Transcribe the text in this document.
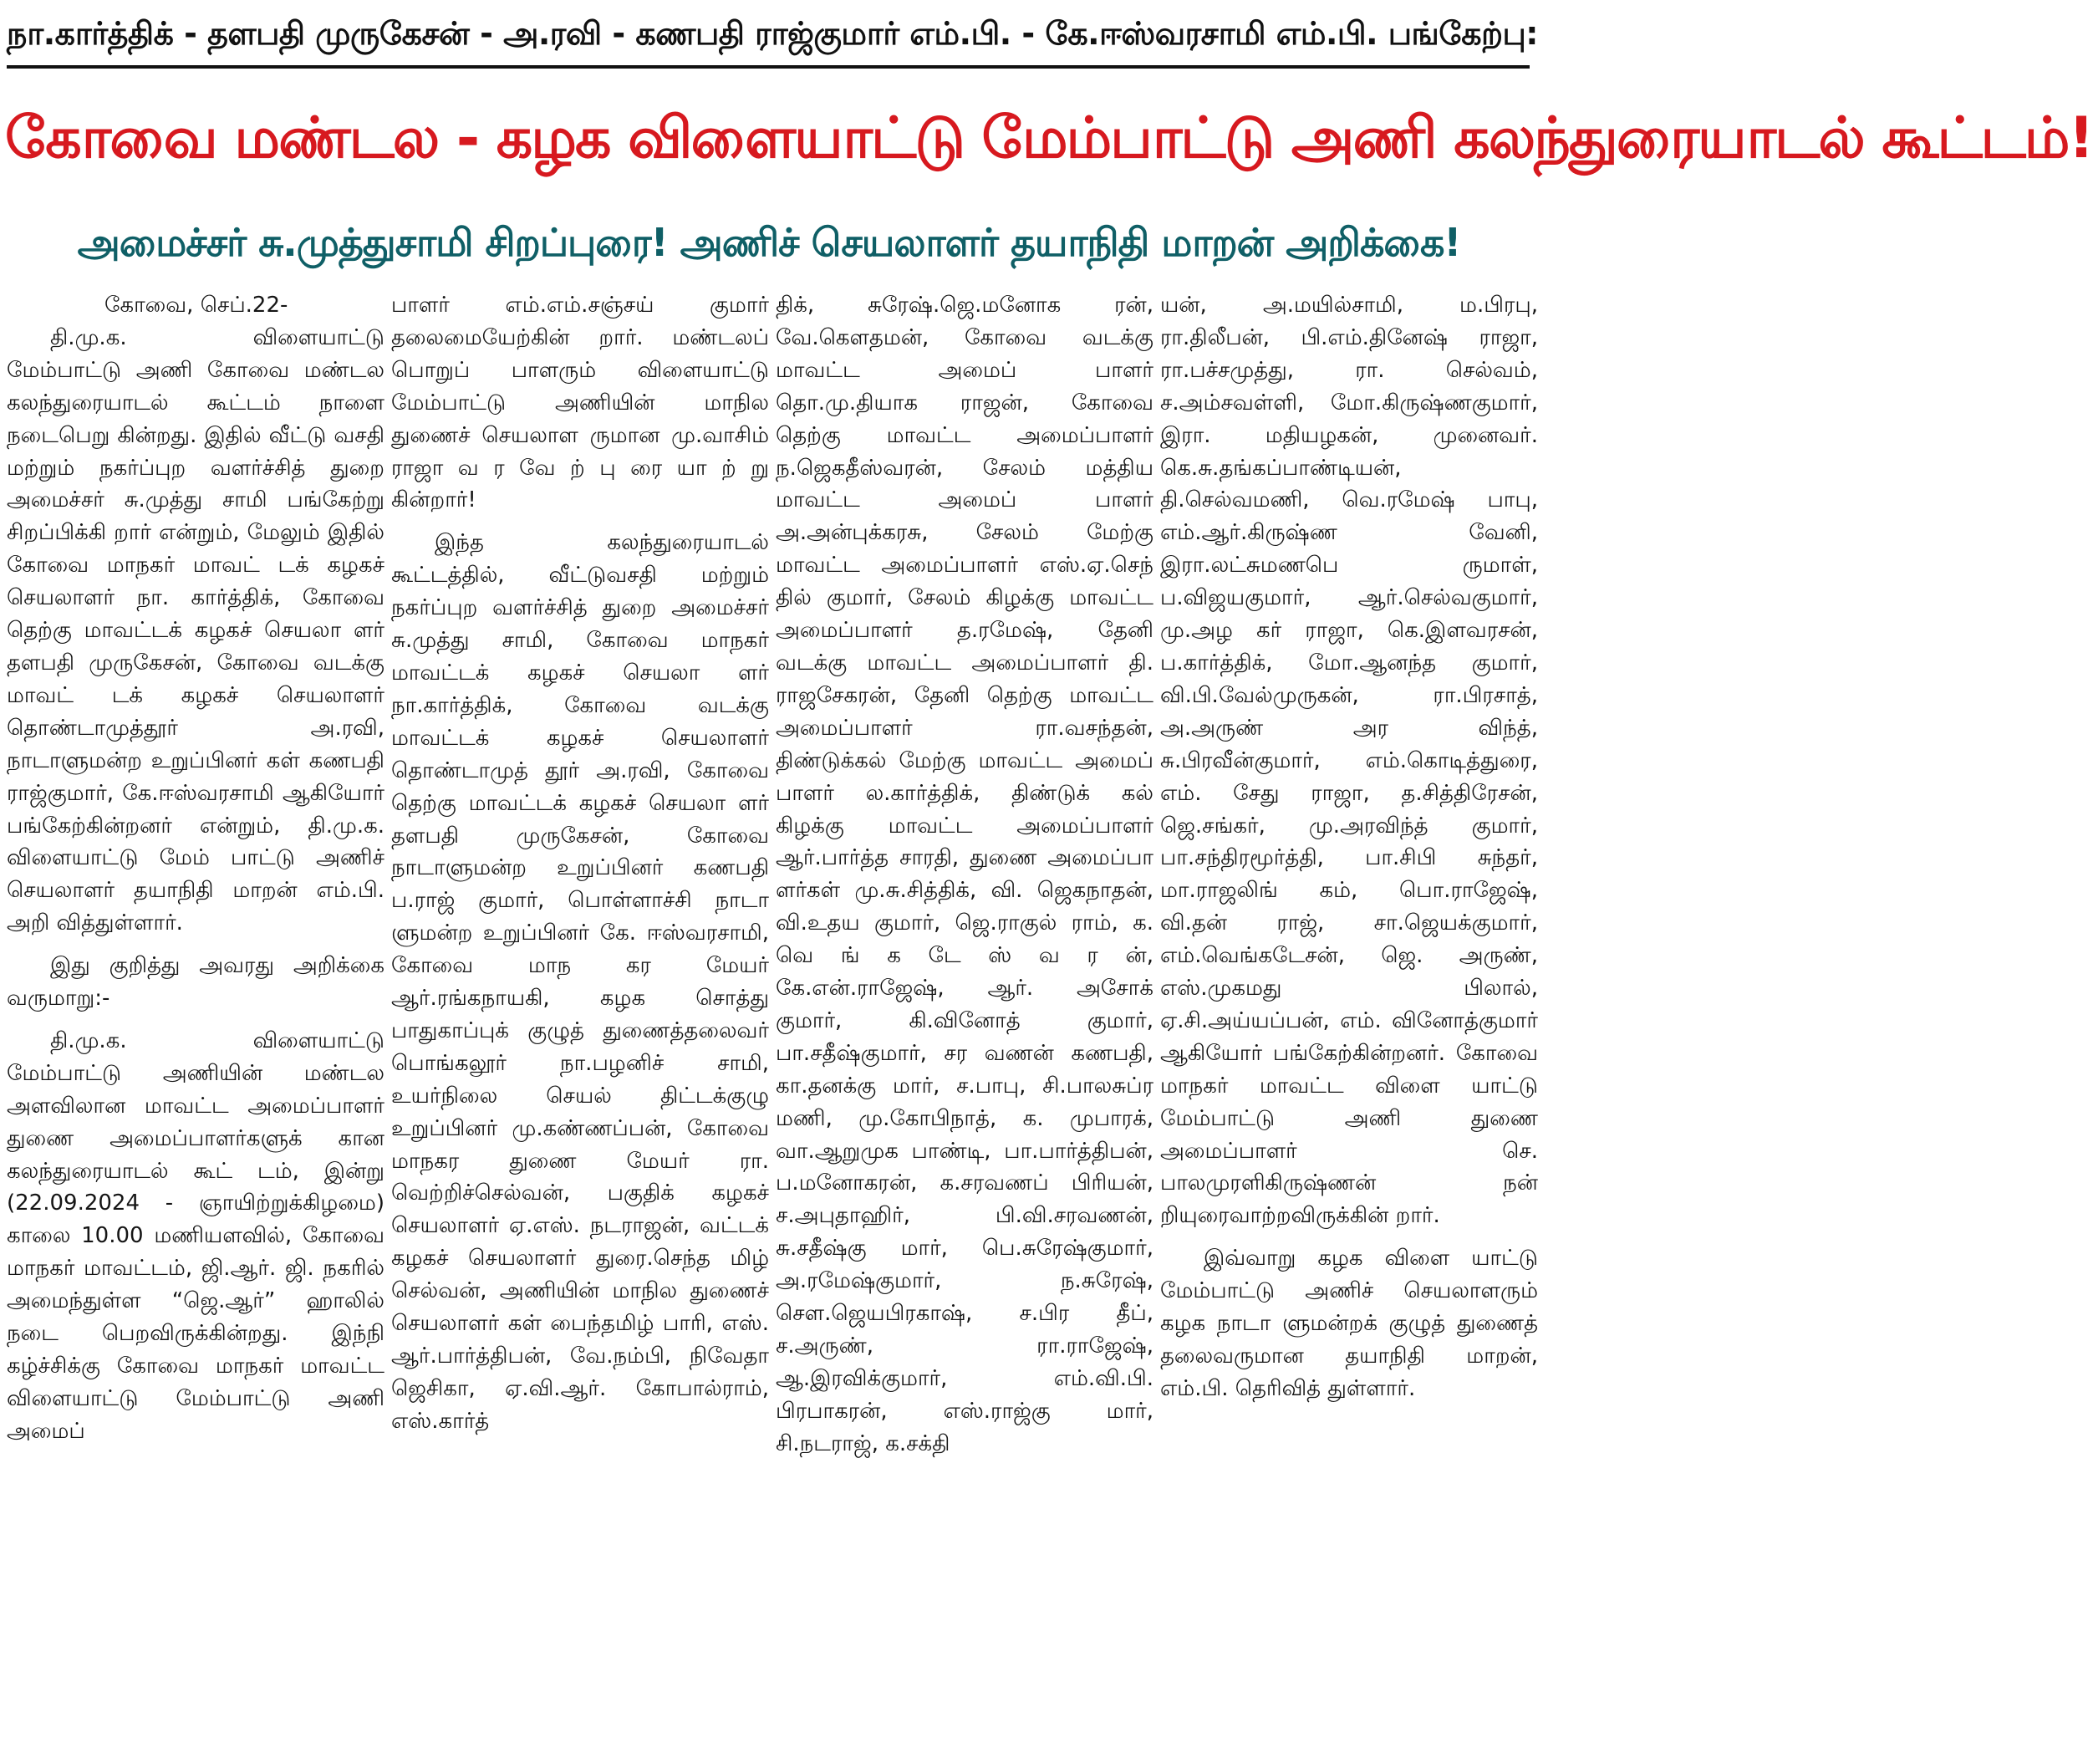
நா.கார்த்திக் - தளபதி முருகேசன் - அ.ரவி - கணபதி ராஜ்குமார் எம்.பி. - கே.ஈஸ்வரசாமி எம்.பி. பங்கேற்பு:
கோவை மண்டல - கழக விளையாட்டு மேம்பாட்டு அணி கலந்துரையாடல் கூட்டம்!
அமைச்சர் சு.முத்துசாமி சிறப்புரை! அணிச் செயலாளர் தயாநிதி மாறன் அறிக்கை!
கோவை, செப்.22-

தி.மு.க. விளையாட்டு மேம்பாட்டு அணி கோவை மண்டல கலந்துரையாடல் கூட்டம் நாளை நடைபெறு கின்றது. இதில் வீட்டு வசதி மற்றும் நகர்ப்புற வளர்ச்சித் துறை அமைச்சர் சு.முத்து சாமி பங்கேற்று சிறப்பிக்கி றார் என்றும், மேலும் இதில் கோவை மாநகர் மாவட் டக் கழகச் செயலாளர் நா. கார்த்திக், கோவை தெற்கு மாவட்டக் கழகச் செயலா ளர் தளபதி முருகேசன், கோவை வடக்கு மாவட் டக் கழகச் செயலாளர் தொண்டாமுத்தூர் அ.ரவி, நாடாளுமன்ற உறுப்பினர் கள் கணபதி ராஜ்குமார், கே.ஈஸ்வரசாமி ஆகியோர் பங்கேற்கின்றனர் என்றும், தி.மு.க. விளையாட்டு மேம் பாட்டு அணிச் செயலாளர் தயாநிதி மாறன் எம்.பி. அறி வித்துள்ளார்.

இது குறித்து அவரது அறிக்கை வருமாறு:-

தி.மு.க. விளையாட்டு மேம்பாட்டு அணியின் மண்டல அளவிலான மாவட்ட அமைப்பாளர் துணை அமைப்பாளர்களுக் கான கலந்துரையாடல் கூட் டம், இன்று (22.09.2024 - ஞாயிற்றுக்கிழமை) காலை 10.00 மணியளவில், கோவை மாநகர் மாவட்டம், ஜி.ஆர். ஜி. நகரில் அமைந்துள்ள “ஜெ.ஆர்” ஹாலில் நடை பெறவிருக்கின்றது. இந்நி கழ்ச்சிக்கு கோவை மாநகர் மாவட்ட விளையாட்டு மேம்பாட்டு அணி அமைப்

பாளர் எம்.எம்.சஞ்சய் குமார் தலைமையேற்கின் றார். மண்டலப் பொறுப் பாளரும் விளையாட்டு மேம்பாட்டு அணியின் மாநில துணைச் செயலாள ருமான மு.வாசிம் ராஜா வ ர வே ற் பு ரை யா ற் று கின்றார்!

இந்த கலந்துரையாடல் கூட்டத்தில், வீட்டுவசதி மற்றும் நகர்ப்புற வளர்ச்சித் துறை அமைச்சர் சு.முத்து சாமி, கோவை மாநகர் மாவட்டக் கழகச் செயலா ளர் நா.கார்த்திக், கோவை வடக்கு மாவட்டக் கழகச் செயலாளர் தொண்டாமுத் தூர் அ.ரவி, கோவை தெற்கு மாவட்டக் கழகச் செயலா ளர் தளபதி முருகேசன், கோவை நாடாளுமன்ற உறுப்பினர் கணபதி ப.ராஜ் குமார், பொள்ளாச்சி நாடா ளுமன்ற உறுப்பினர் கே. ஈஸ்வரசாமி, கோவை மாந கர மேயர் ஆர்.ரங்கநாயகி, கழக சொத்து பாதுகாப்புக் குழுத் துணைத்தலைவர் பொங்கலூர் நா.பழனிச் சாமி, உயர்நிலை செயல் திட்டக்குழு உறுப்பினர் மு.கண்ணப்பன், கோவை மாநகர துணை மேயர் ரா. வெற்றிச்செல்வன், பகுதிக் கழகச் செயலாளர் ஏ.எஸ். நடராஜன், வட்டக் கழகச் செயலாளர் துரை.செந்த மிழ் செல்வன், அணியின் மாநில துணைச் செயலாளர் கள் பைந்தமிழ் பாரி, எஸ். ஆர்.பார்த்திபன், வே.நம்பி, நிவேதா ஜெசிகா, ஏ.வி.ஆர். கோபால்ராம், எஸ்.கார்த்

திக், சுரேஷ்.ஜெ.மனோக ரன், வே.கௌதமன், கோவை வடக்கு மாவட்ட அமைப் பாளர் தொ.மு.தியாக ராஜன், கோவை தெற்கு மாவட்ட அமைப்பாளர் ந.ஜெகதீஸ்வரன், சேலம் மத்திய மாவட்ட அமைப் பாளர் அ.அன்புக்கரசு, சேலம் மேற்கு மாவட்ட அமைப்பாளர் எஸ்.ஏ.செந் தில் குமார், சேலம் கிழக்கு மாவட்ட அமைப்பாளர் த.ரமேஷ், தேனி வடக்கு மாவட்ட அமைப்பாளர் தி. ராஜசேகரன், தேனி தெற்கு மாவட்ட அமைப்பாளர் ரா.வசந்தன், திண்டுக்கல் மேற்கு மாவட்ட அமைப் பாளர் ல.கார்த்திக், திண்டுக் கல் கிழக்கு மாவட்ட அமைப்பாளர் ஆர்.பார்த்த சாரதி, துணை அமைப்பா ளர்கள் மு.சு.சித்திக், வி. ஜெகநாதன், வி.உதய குமார், ஜெ.ராகுல் ராம், க. வெ ங் க டே ஸ் வ ர ன், கே.என்.ராஜேஷ், ஆர். அசோக் குமார், கி.வினோத் குமார், பா.சதீஷ்குமார், சர வணன் கணபதி, கா.தனக்கு மார், ச.பாபு, சி.பாலசுப்ர மணி, மு.கோபிநாத், க. முபாரக், வா.ஆறுமுக பாண்டி, பா.பார்த்திபன், ப.மனோகரன், க.சரவணப் பிரியன், ச.அபுதாஹிர், பி.வி.சரவணன், சு.சதீஷ்கு மார், பெ.சுரேஷ்குமார், அ.ரமேஷ்குமார், ந.சுரேஷ், சௌ.ஜெயபிரகாஷ், ச.பிர தீப், ச.அருண், ரா.ராஜேஷ், ஆ.இரவிக்குமார், எம்.வி.பி. பிரபாகரன், எஸ்.ராஜ்கு மார், சி.நடராஜ், க.சக்தி

யன், அ.மயில்சாமி, ம.பிரபு, ரா.திலீபன், பி.எம்.தினேஷ் ராஜா, ரா.பச்சமுத்து, ரா. செல்வம், ச.அம்சவள்ளி, மோ.கிருஷ்ணகுமார், இரா. மதியழகன், முனைவர். கெ.சு.தங்கப்பாண்டியன், தி.செல்வமணி, வெ.ரமேஷ் பாபு, எம்.ஆர்.கிருஷ்ண வேனி, இரா.லட்சுமணபெ ருமாள், ப.விஜயகுமார், ஆர்.செல்வகுமார், மு.அழ கர் ராஜா, கெ.இளவரசன், ப.கார்த்திக், மோ.ஆனந்த குமார், வி.பி.வேல்முருகன், ரா.பிரசாத், அ.அருண் அர விந்த், சு.பிரவீன்குமார், எம்.கொடித்துரை, எம். சேது ராஜா, த.சித்திரேசன், ஜெ.சங்கர், மு.அரவிந்த் குமார், பா.சந்திரமூர்த்தி, பா.சிபி சுந்தர், மா.ராஜலிங் கம், பொ.ராஜேஷ், வி.தன் ராஜ், சா.ஜெயக்குமார், எம்.வெங்கடேசன், ஜெ. அருண், எஸ்.முகமது பிலால், ஏ.சி.அய்யப்பன், எம். வினோத்குமார் ஆகியோர் பங்கேற்கின்றனர். கோவை மாநகர் மாவட்ட விளை யாட்டு மேம்பாட்டு அணி துணை அமைப்பாளர் செ. பாலமுரளிகிருஷ்ணன் நன் றியுரைவாற்றவிருக்கின் றார்.

இவ்வாறு கழக விளை யாட்டு மேம்பாட்டு அணிச் செயலாளரும் கழக நாடா ளுமன்றக் குழுத் துணைத் தலைவருமான தயாநிதி மாறன், எம்.பி. தெரிவித் துள்ளார்.
